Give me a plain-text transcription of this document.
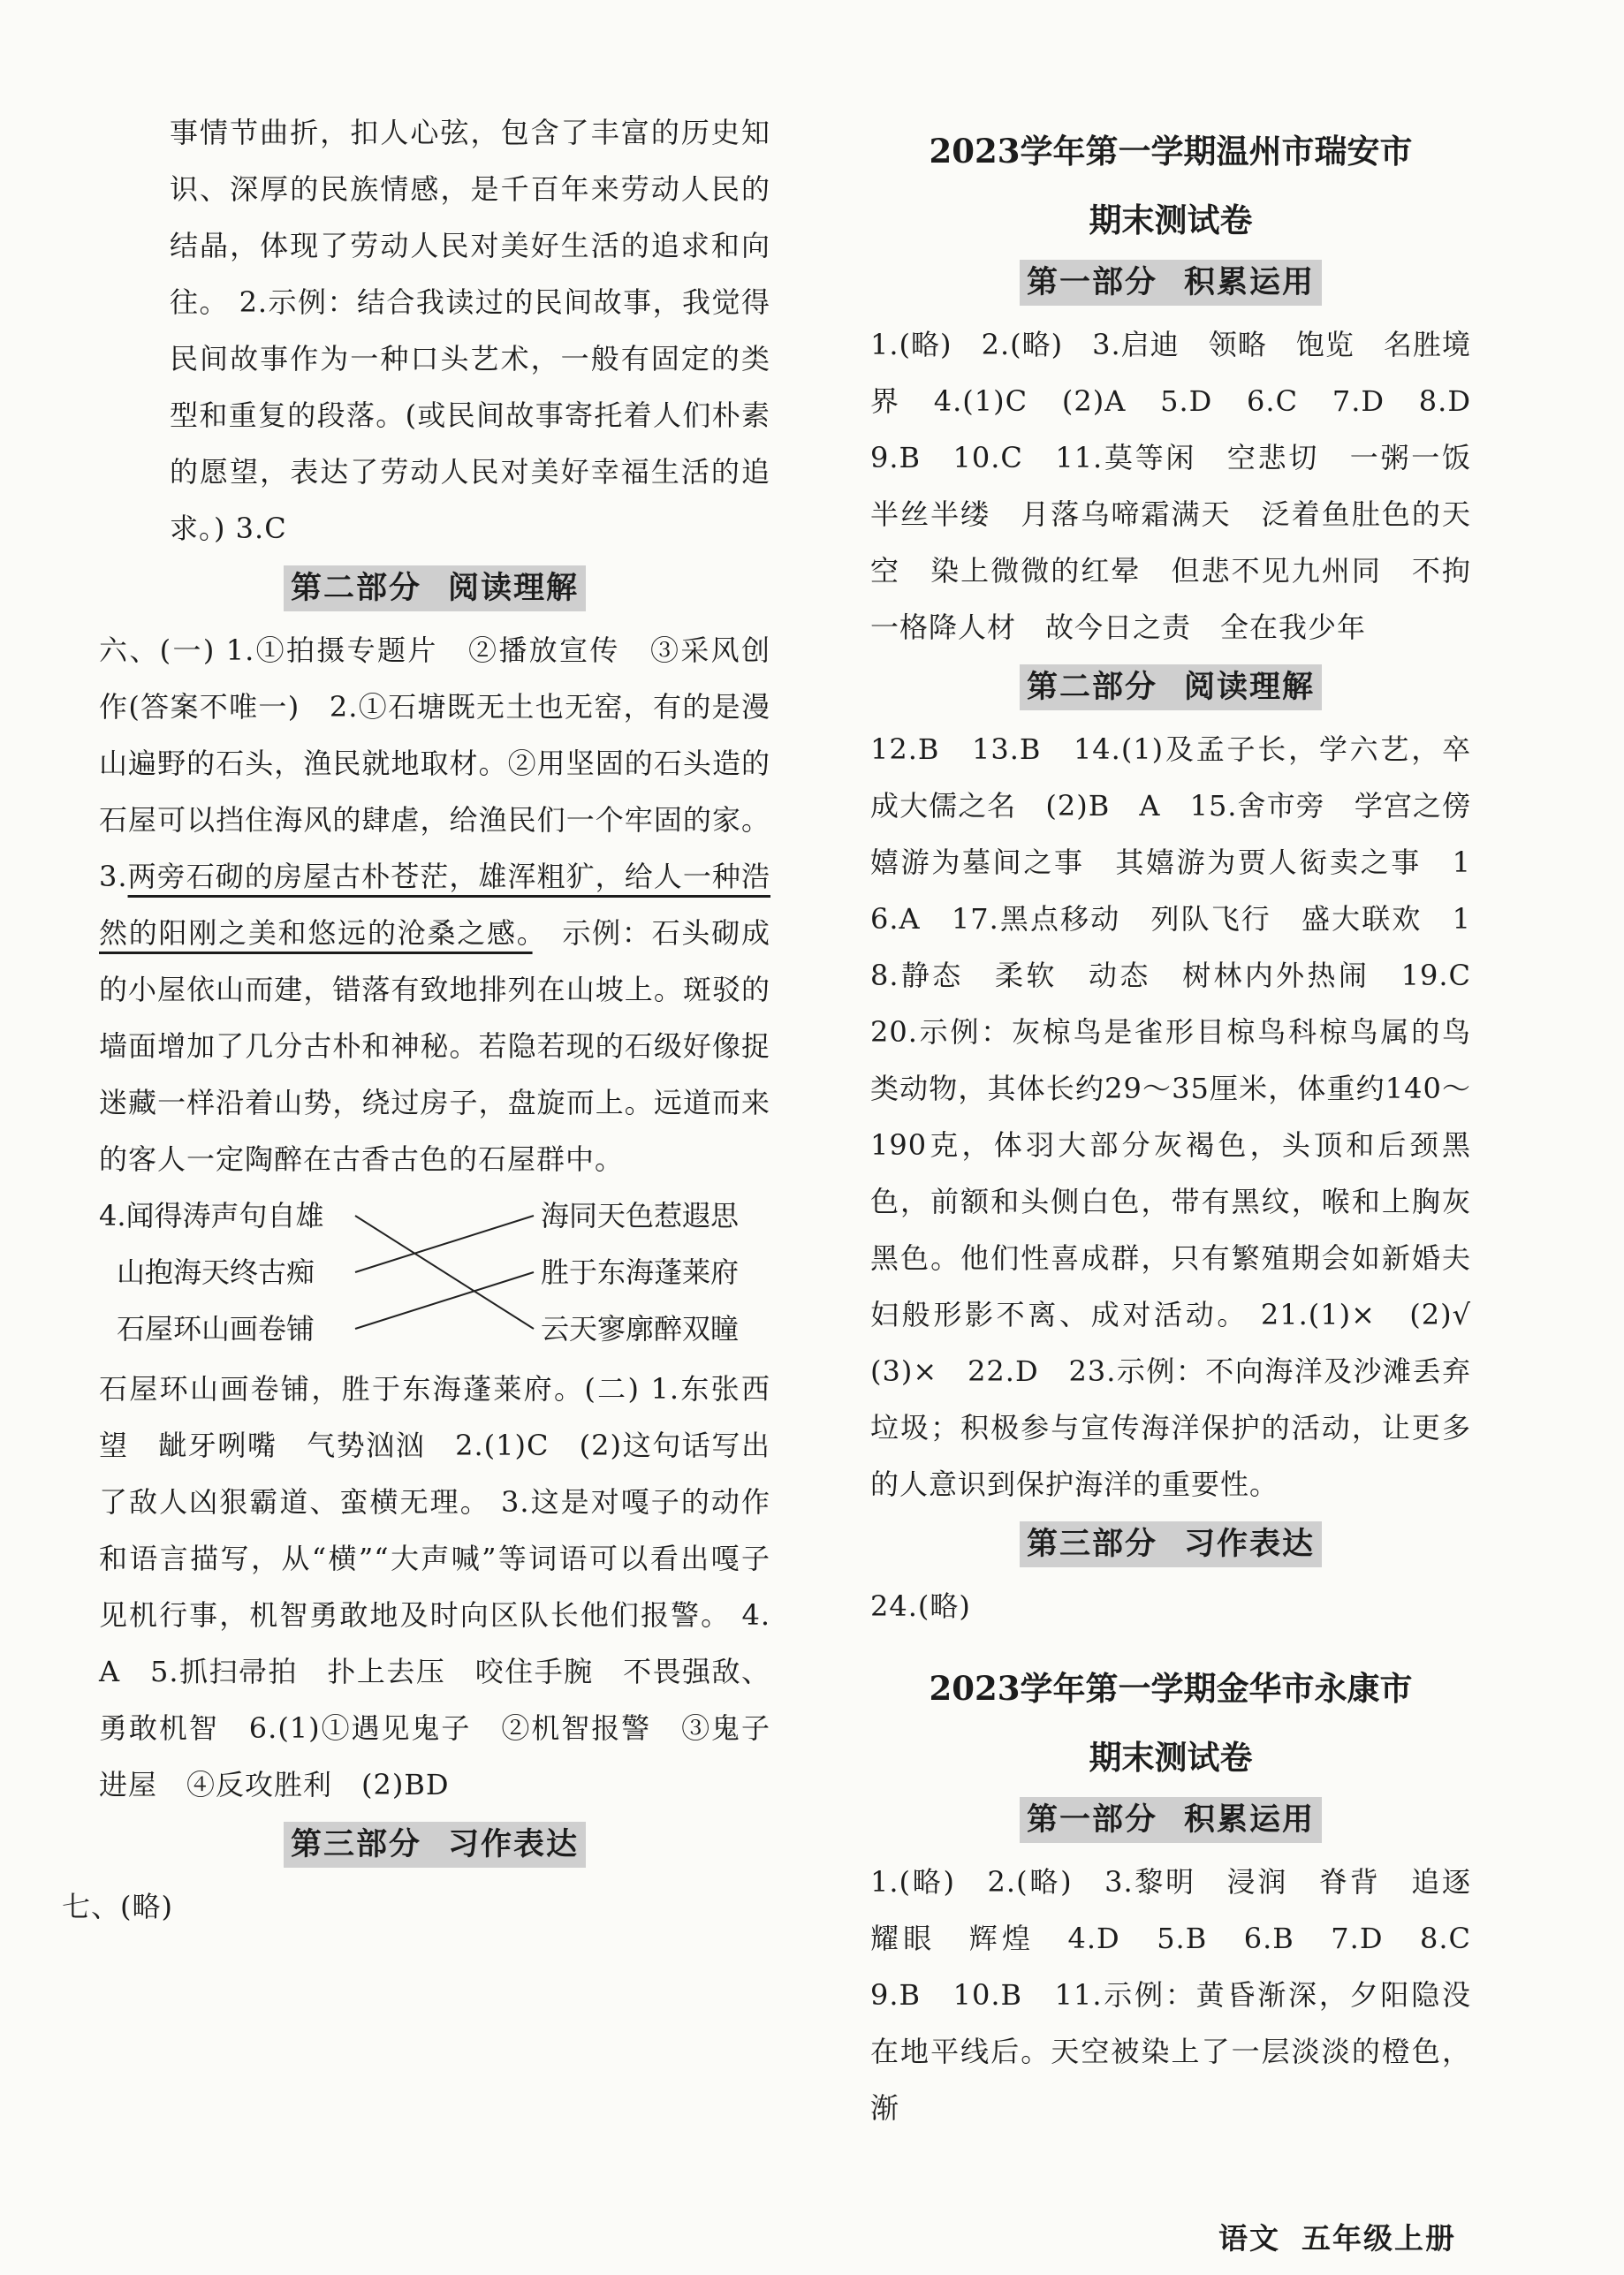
事情节曲折，扣人心弦，包含了丰富的历史知识、深厚的民族情感，是千百年来劳动人民的结晶，体现了劳动人民对美好生活的追求和向往。 2.示例：结合我读过的民间故事，我觉得民间故事作为一种口头艺术，一般有固定的类型和重复的段落。(或民间故事寄托着人们朴素的愿望，表达了劳动人民对美好幸福生活的追求。) 3.C

第二部分 阅读理解

六、(一) 1.①拍摄专题片　②播放宣传　③采风创作(答案不唯一)　2.①石塘既无土也无窑，有的是漫山遍野的石头，渔民就地取材。②用坚固的石头造的石屋可以挡住海风的肆虐，给渔民们一个牢固的家。3.两旁石砌的房屋古朴苍茫，雄浑粗犷，给人一种浩然的阳刚之美和悠远的沧桑之感。　示例：石头砌成的小屋依山而建，错落有致地排列在山坡上。斑驳的墙面增加了几分古朴和神秘。若隐若现的石级好像捉迷藏一样沿着山势，绕过房子，盘旋而上。远道而来的客人一定陶醉在古香古色的石屋群中。

4.闻得涛声句自雄
山抱海天终古痴
石屋环山画卷铺
海同天色惹遐思
胜于东海蓬莱府
云天寥廓醉双瞳

石屋环山画卷铺，胜于东海蓬莱府。(二) 1.东张西望　龇牙咧嘴　气势汹汹　2.(1)C　(2)这句话写出了敌人凶狠霸道、蛮横无理。 3.这是对嘎子的动作和语言描写，从“横”“大声喊”等词语可以看出嘎子见机行事，机智勇敢地及时向区队长他们报警。 4.A　5.抓扫帚拍　扑上去压　咬住手腕　不畏强敌、勇敢机智　6.(1)①遇见鬼子　②机智报警　③鬼子进屋　④反攻胜利　(2)BD

第三部分 习作表达

七、(略)

2023学年第一学期温州市瑞安市
期末测试卷
第一部分 积累运用

1.(略)　2.(略)　3.启迪　领略　饱览　名胜境界　4.(1)C　(2)A　5.D　6.C　7.D　8.D　9.B　10.C　11.莫等闲　空悲切　一粥一饭　半丝半缕　月落乌啼霜满天　泛着鱼肚色的天空　染上微微的红晕　但悲不见九州同　不拘一格降人材　故今日之责　全在我少年

第二部分 阅读理解

12.B　13.B　14.(1)及孟子长，学六艺，卒成大儒之名　(2)B　A　15.舍市旁　学宫之傍　嬉游为墓间之事　其嬉游为贾人衒卖之事　16.A　17.黑点移动　列队飞行　盛大联欢　18.静态　柔软　动态　树林内外热闹　19.C　20.示例：灰椋鸟是雀形目椋鸟科椋鸟属的鸟类动物，其体长约29～35厘米，体重约140～190克，体羽大部分灰褐色，头顶和后颈黑色，前额和头侧白色，带有黑纹，喉和上胸灰黑色。他们性喜成群，只有繁殖期会如新婚夫妇般形影不离、成对活动。 21.(1)×　(2)√　(3)×　22.D　23.示例：不向海洋及沙滩丢弃垃圾；积极参与宣传海洋保护的活动，让更多的人意识到保护海洋的重要性。

第三部分 习作表达

24.(略)

2023学年第一学期金华市永康市
期末测试卷
第一部分 积累运用

1.(略)　2.(略)　3.黎明　浸润　脊背　追逐　耀眼　辉煌　4.D　5.B　6.B　7.D　8.C　9.B　10.B　11.示例：黄昏渐深，夕阳隐没在地平线后。天空被染上了一层淡淡的橙色，渐

语文 五年级上册
